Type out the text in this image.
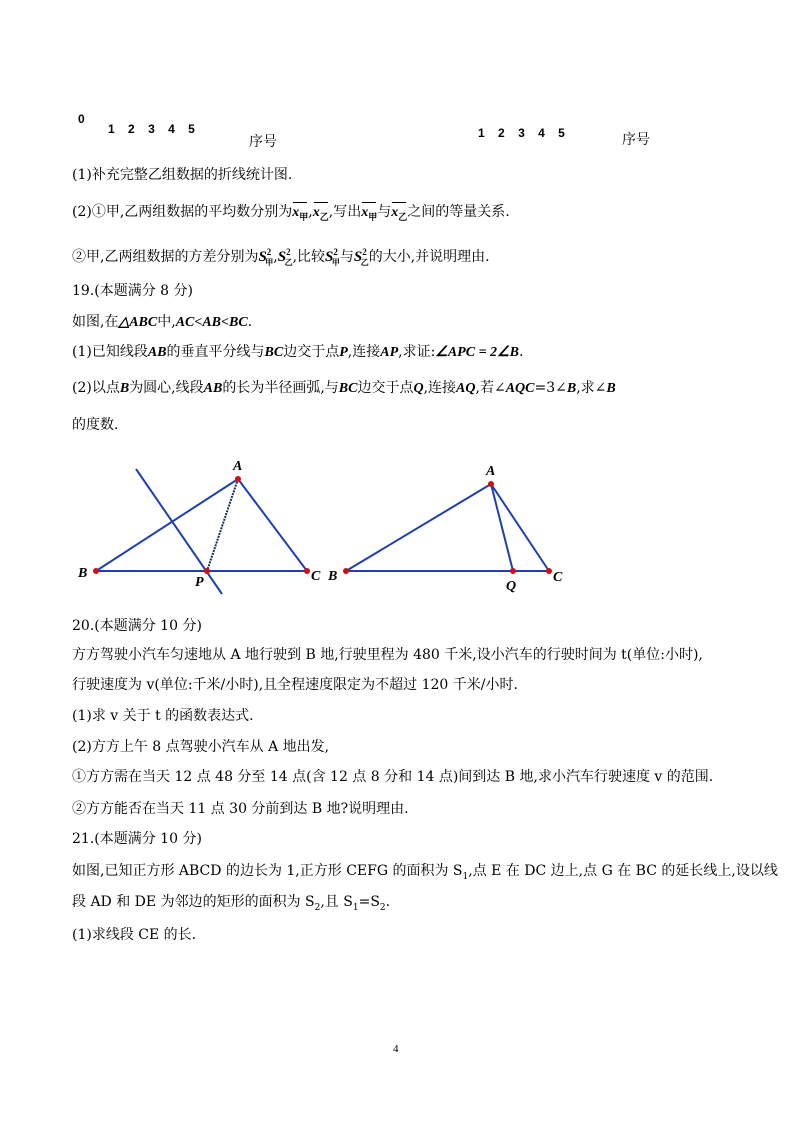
0
1 2 3 4 5
序号
1 2 3 4 5	序号
(1)补充完整乙组数据的折线统计图.
(2)①甲,乙两组数据的平均数分别为$x_甲,x_乙$,写出$x_甲$与$x_乙$之间的等量关系.
②甲,乙两组数据的方差分别为$S^2_甲,S^2_乙$,比较$S^2_甲$与$S^2_乙$的大小,并说明理由.
19.(本题满分 8 分)
如图,在△ABC中,AC<AB<BC.
(1)已知线段AB的垂直平分线与BC边交于点P,连接AP,求证:∠APC = 2∠B.
(2)以点B为圆心,线段AB的长为半径画弧,与BC边交于点Q,连接AQ,若∠AQC=3∠B,求∠B
的度数.
A
B	C
P
A
B	C
Q
20.(本题满分 10 分)
方方驾驶小汽车匀速地从 A 地行驶到 B 地,行驶里程为 480 千米,设小汽车的行驶时间为 t(单位:小时),
行驶速度为 v(单位:千米/小时),且全程速度限定为不超过 120 千米/小时.
(1)求 v 关于 t 的函数表达式.
(2)方方上午 8 点驾驶小汽车从 A 地出发,
①方方需在当天 12 点 48 分至 14 点(含 12 点 8 分和 14 点)间到达 B 地,求小汽车行驶速度 v 的范围.
②方方能否在当天 11 点 30 分前到达 B 地?说明理由.
21.(本题满分 10 分)
如图,已知正方形 ABCD 的边长为 1,正方形 CEFG 的面积为 $S_1$,点 E 在 DC 边上,点 G 在 BC 的延长线上,设以线
段 AD 和 DE 为邻边的矩形的面积为 $S_2$,且 $S_1=S_2$.
(1)求线段 CE 的长.
4
